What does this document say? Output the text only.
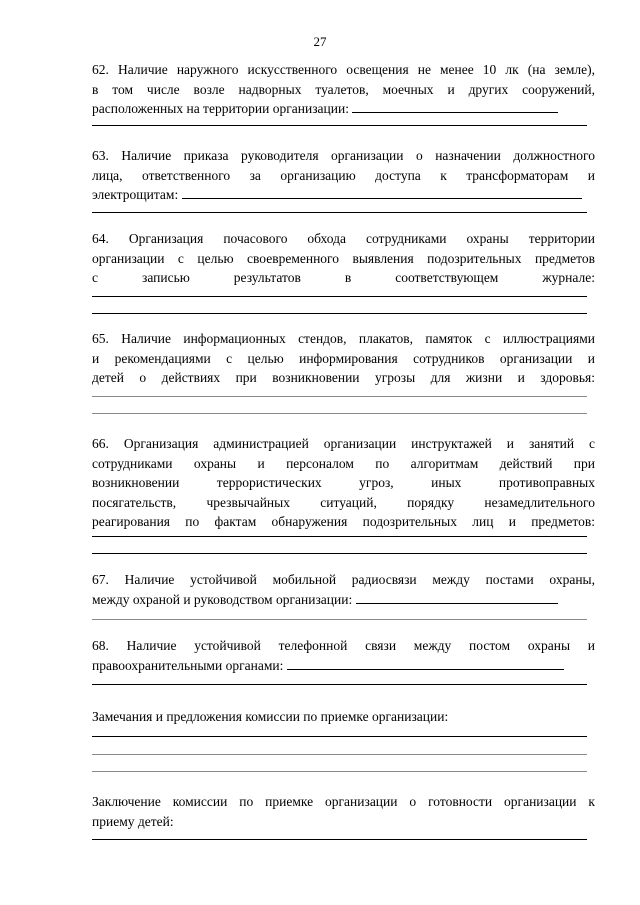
27

62. Наличие наружного искусственного освещения не менее 10 лк (на земле),

в том числе возле надворных туалетов, моечных и других сооружений,

расположенных на территории организации:

63. Наличие приказа руководителя организации о назначении должностного

лица, ответственного за организацию доступа к трансформаторам и

электрощитам:

64. Организация почасового обхода сотрудниками охраны территории

организации с целью своевременного выявления подозрительных предметов

с записью результатов в соответствующем журнале:

65. Наличие информационных стендов, плакатов, памяток с иллюстрациями

и рекомендациями с целью информирования сотрудников организации и

детей о действиях при возникновении угрозы для жизни и здоровья:

66. Организация администрацией организации инструктажей и занятий с

сотрудниками охраны и персоналом по алгоритмам действий при

возникновении террористических угроз, иных противоправных

посягательств, чрезвычайных ситуаций, порядку незамедлительного

реагирования по фактам обнаружения подозрительных лиц и предметов:

67. Наличие устойчивой мобильной радиосвязи между постами охраны,

между охраной и руководством организации:

68. Наличие устойчивой телефонной связи между постом охраны и

правоохранительными органами:

Замечания и предложения комиссии по приемке организации:

Заключение комиссии по приемке организации о готовности организации к

приему детей:
